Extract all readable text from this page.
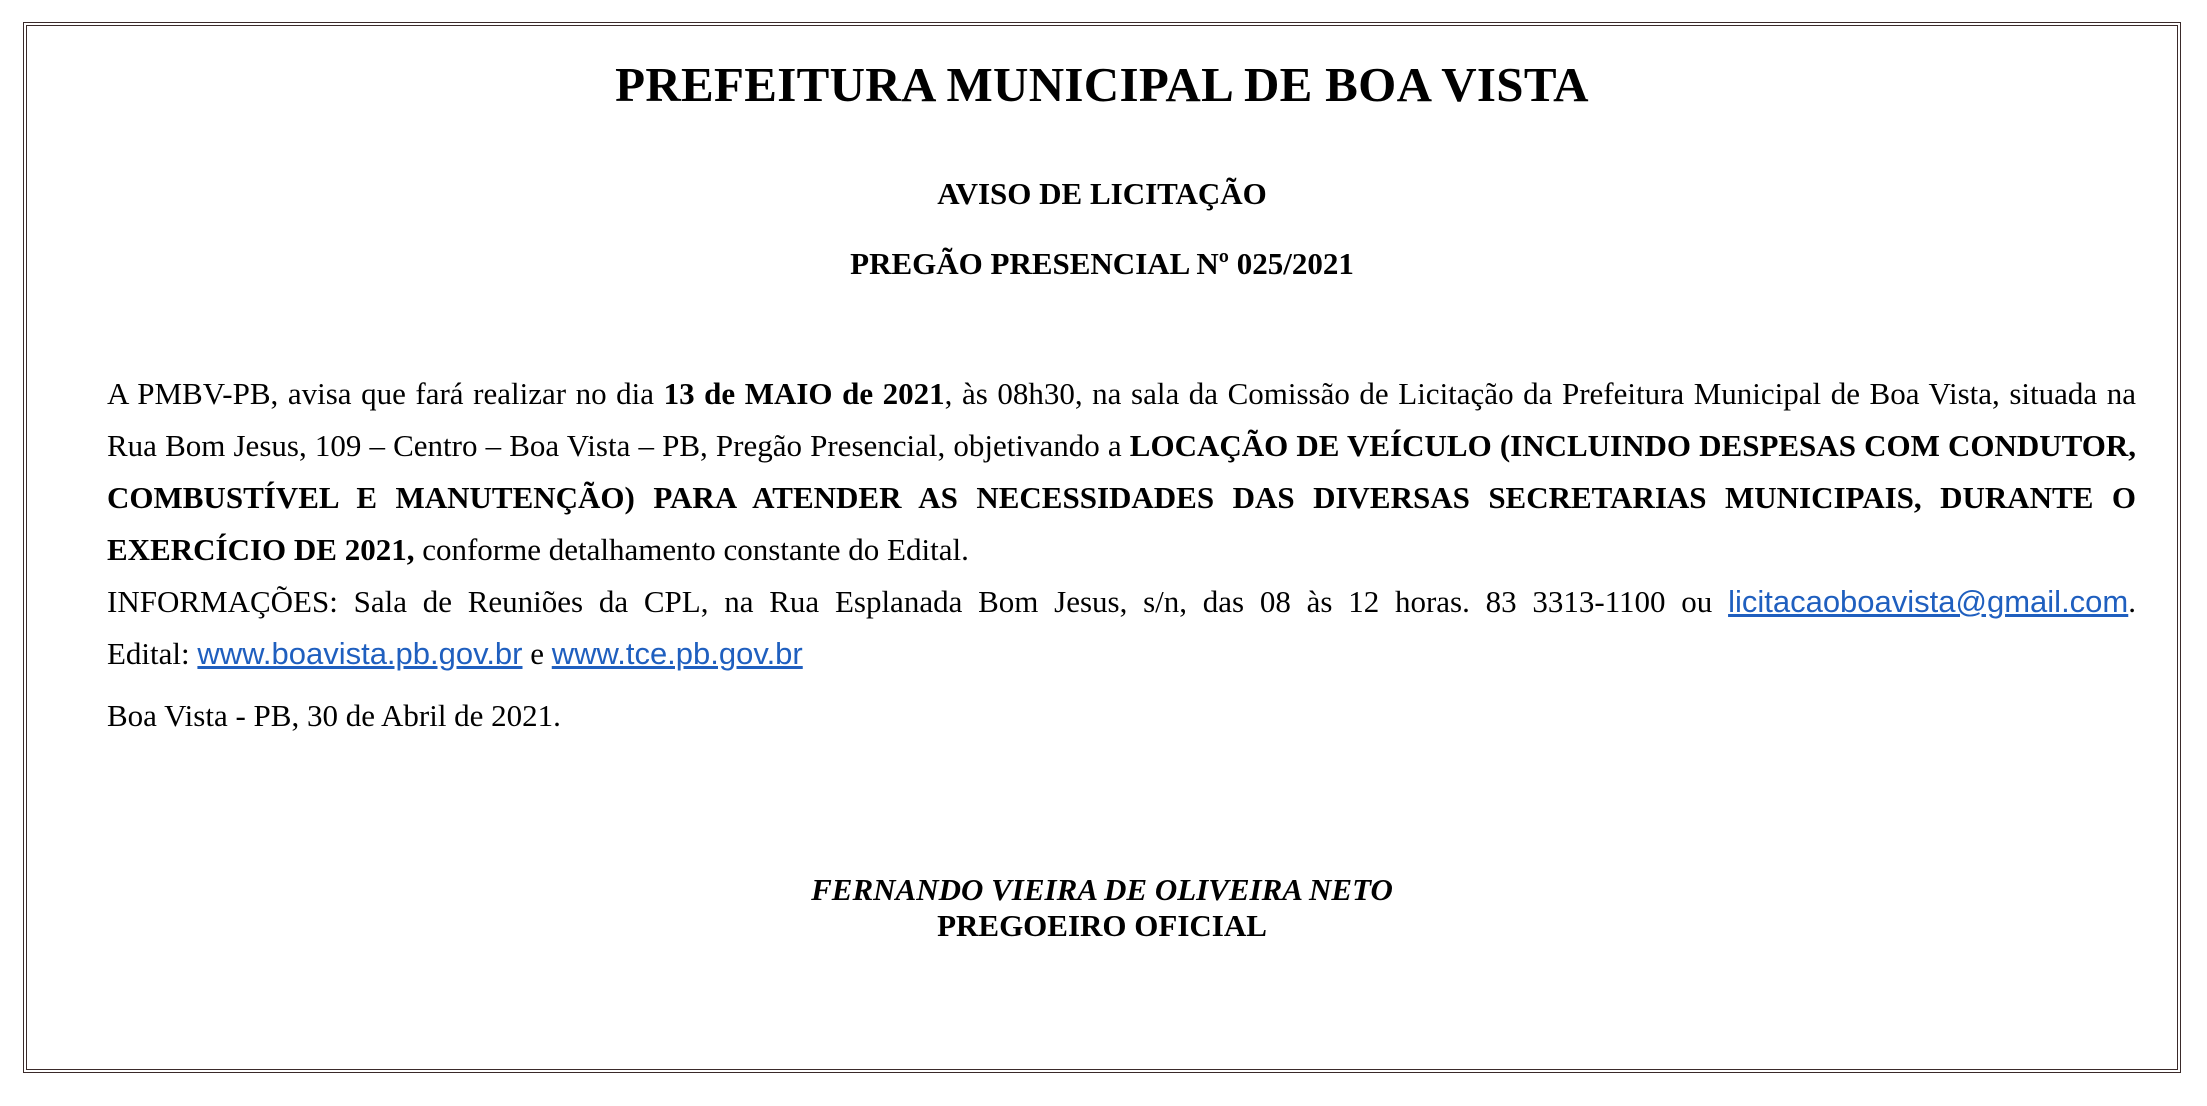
PREFEITURA MUNICIPAL DE BOA VISTA
AVISO DE LICITAÇÃO
PREGÃO PRESENCIAL Nº 025/2021

A PMBV-PB, avisa que fará realizar no dia 13 de MAIO de 2021, às 08h30, na sala da Comissão de Licitação da Prefeitura Municipal de Boa Vista, situada na Rua Bom Jesus, 109 – Centro – Boa Vista – PB, Pregão Presencial, objetivando a LOCAÇÃO DE VEÍCULO (INCLUINDO DESPESAS COM CONDUTOR, COMBUSTÍVEL E MANUTENÇÃO) PARA ATENDER AS NECESSIDADES DAS DIVERSAS SECRETARIAS MUNICIPAIS, DURANTE O EXERCÍCIO DE 2021, conforme detalhamento constante do Edital.

INFORMAÇÕES: Sala de Reuniões da CPL, na Rua Esplanada Bom Jesus, s/n, das 08 às 12 horas. 83 3313-1100 ou licitacaoboavista@gmail.com.
Edital: www.boavista.pb.gov.br e www.tce.pb.gov.br

Boa Vista - PB, 30 de Abril de 2021.

FERNANDO VIEIRA DE OLIVEIRA NETO
PREGOEIRO OFICIAL
